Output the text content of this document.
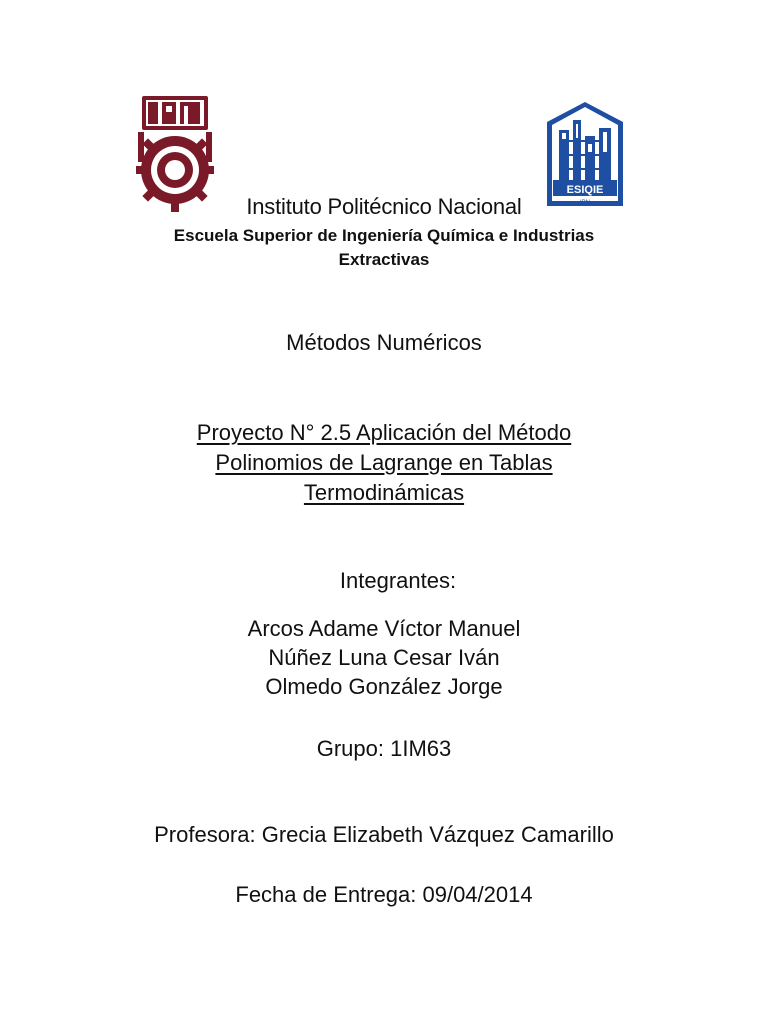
ESIQIE
IPN
Instituto Politécnico Nacional
Escuela Superior de Ingeniería Química e Industrias Extractivas
Métodos Numéricos
Proyecto N° 2.5 Aplicación del Método
Polinomios de Lagrange en Tablas
Termodinámicas
Integrantes:
Arcos Adame Víctor Manuel
Núñez Luna Cesar Iván
Olmedo González Jorge
Grupo: 1IM63
Profesora: Grecia Elizabeth Vázquez Camarillo
Fecha de Entrega: 09/04/2014
